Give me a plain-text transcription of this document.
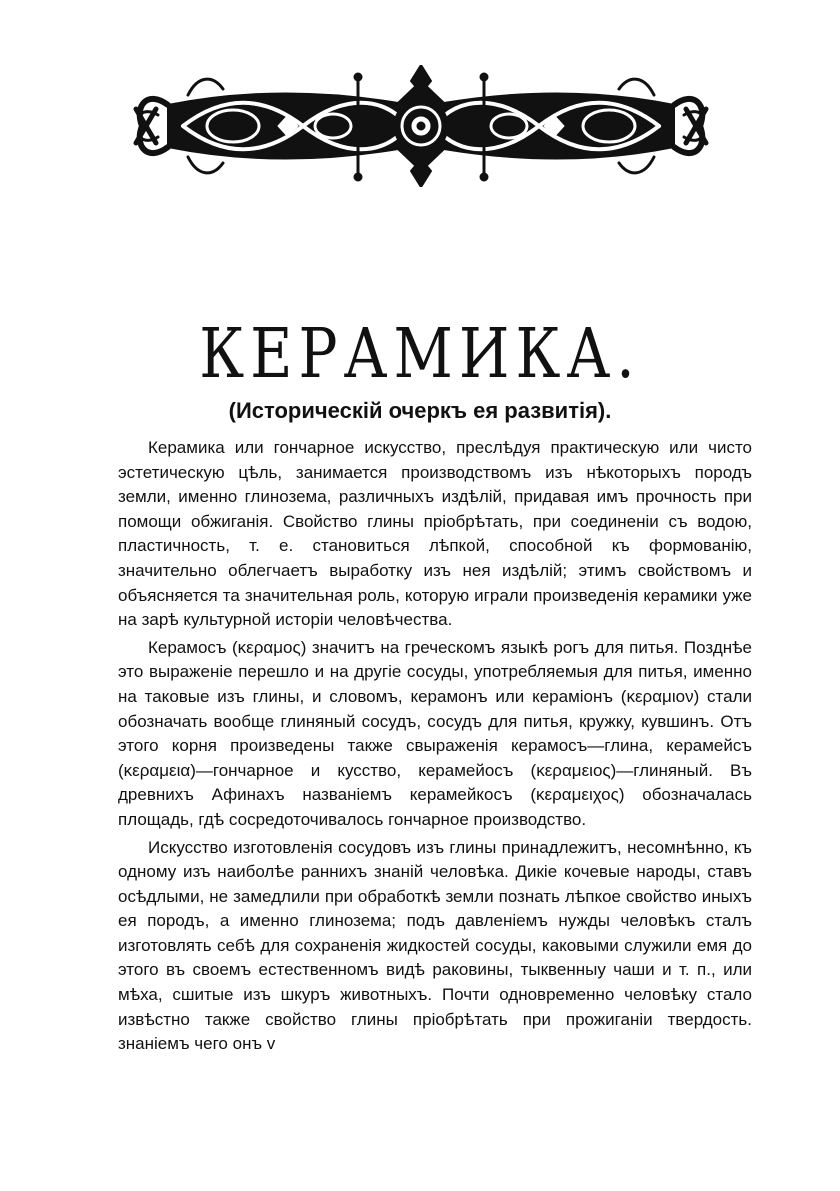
КЕРАМИКА.
(Историческій очеркъ ея развитія).

Керамика или гончарное искусство, преслѣдуя практическую или чисто эстетическую цѣль, занимается производствомъ изъ нѣкоторыхъ породъ земли, именно глинозема, различныхъ издѣлій, придавая имъ прочность при помощи обжиганія. Свойство глины пріобрѣтать, при соединеніи съ водою, пластичность, т. е. становиться лѣпкой, способной къ формованію, значительно облегчаетъ выработку изъ нея издѣлій; этимъ свойствомъ и объясняется та значительная роль, которую играли произведенія керамики уже на зарѣ культурной исторіи человѣчества.

Керамосъ (κεραμος) значитъ на греческомъ языкѣ рогъ для питья. Позднѣе это выраженіе перешло и на другіе сосуды, употребляемыя для питья, именно на таковые изъ глины, и словомъ, керамонъ или кераміонъ (κεραμιον) стали обозначать вообще глиняный сосудъ, сосудъ для питья, кружку, кувшинъ. Отъ этого корня произведены также свыраженія керамосъ—глина, керамейсъ (κεραμεια)—гончарное и кусство, керамейосъ (κεραμειος)—глиняный. Въ древнихъ Афинахъ названіемъ керамейкосъ (κεραμειχος) обозначалась площадь, гдѣ сосредоточивалось гончарное производство.

Искусство изготовленія сосудовъ изъ глины принадлежитъ, несомнѣнно, къ одному изъ наиболѣе раннихъ знаній человѣка. Дикіе кочевые народы, ставъ осѣдлыми, не замедлили при обработкѣ земли познать лѣпкое свойство иныхъ ея породъ, а именно глинозема; подъ давленіемъ нужды человѣкъ сталъ изготовлять себѣ для сохраненія жидкостей сосуды, каковыми служили емя до этого въ своемъ естественномъ видѣ раковины, тыквенныу чаши и т. п., или мѣха, сшитые изъ шкуръ животныхъ. Почти одновременно человѣку стало извѣстно также свойство глины пріобрѣтать при прожиганіи твердость. знаніемъ чего онъ v
